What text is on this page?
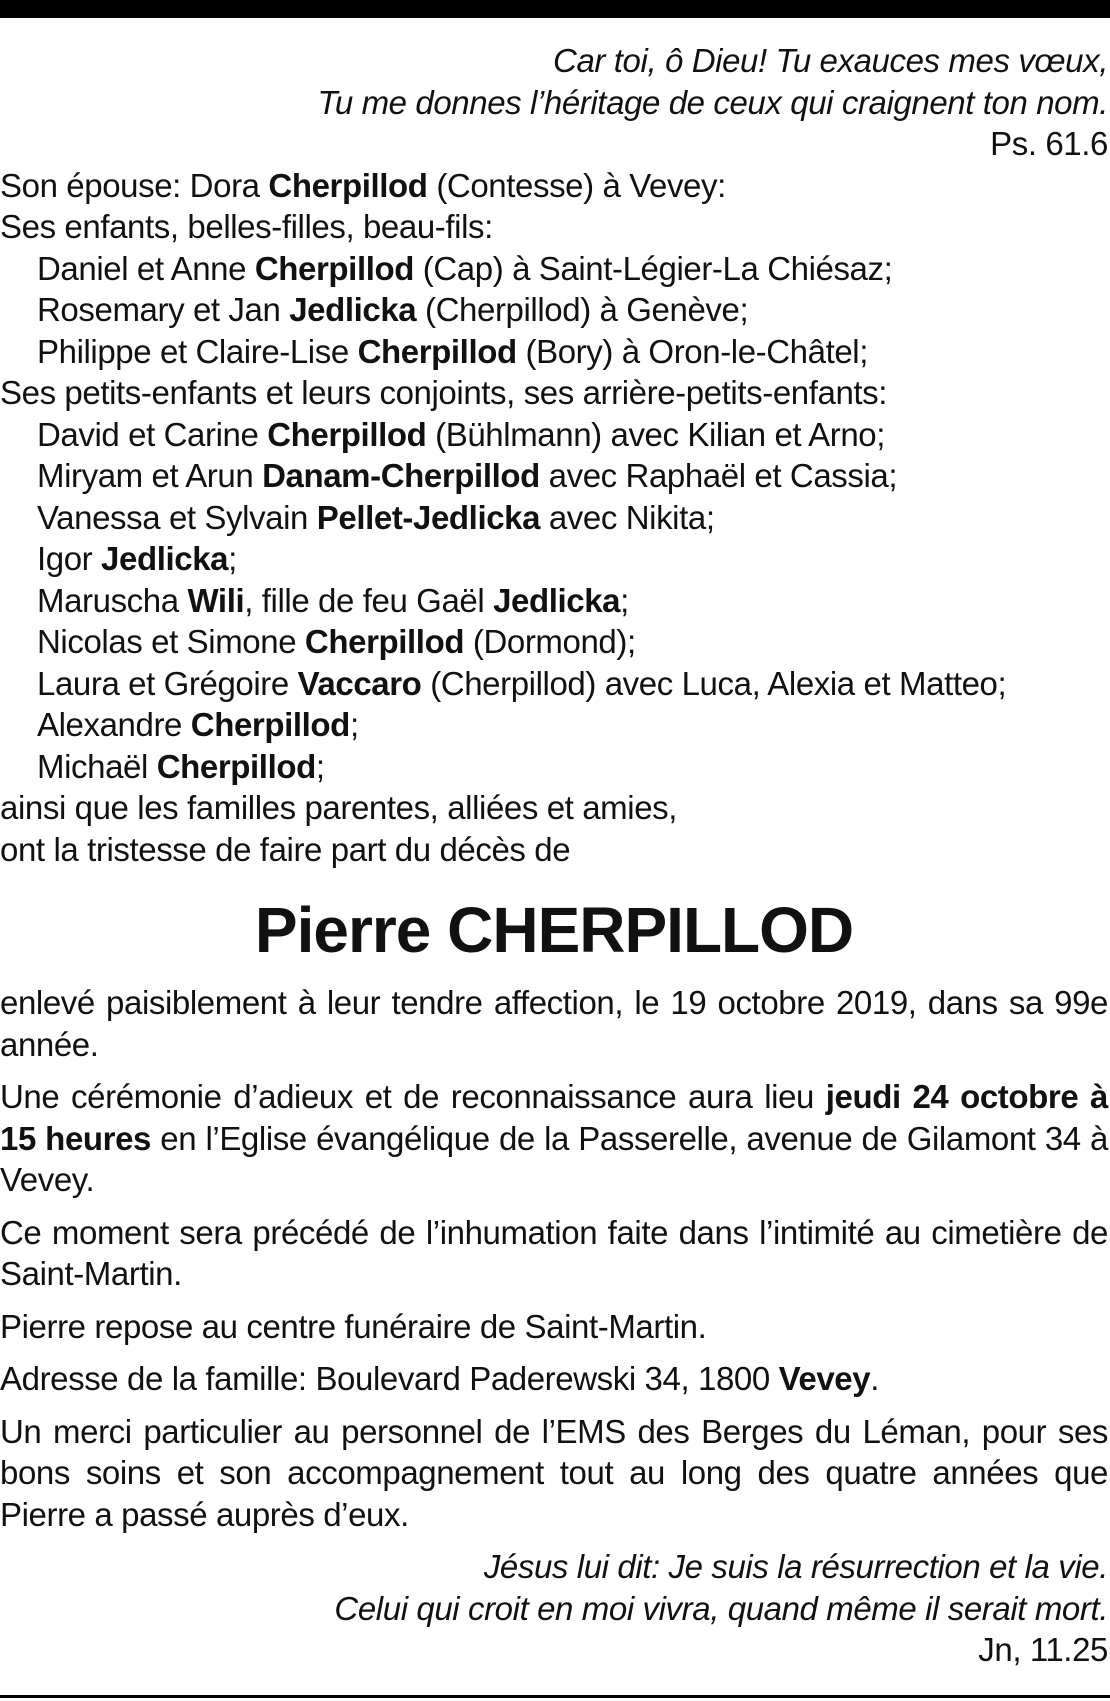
Car toi, ô Dieu! Tu exauces mes vœux,
Tu me donnes l’héritage de ceux qui craignent ton nom.
Ps. 61.6
Son épouse: Dora Cherpillod (Contesse) à Vevey:
Ses enfants, belles-filles, beau-fils:
Daniel et Anne Cherpillod (Cap) à Saint-Légier-La Chiésaz;
Rosemary et Jan Jedlicka (Cherpillod) à Genève;
Philippe et Claire-Lise Cherpillod (Bory) à Oron-le-Châtel;
Ses petits-enfants et leurs conjoints, ses arrière-petits-enfants:
David et Carine Cherpillod (Bühlmann) avec Kilian et Arno;
Miryam et Arun Danam-Cherpillod avec Raphaël et Cassia;
Vanessa et Sylvain Pellet-Jedlicka avec Nikita;
Igor Jedlicka;
Maruscha Wili, fille de feu Gaël Jedlicka;
Nicolas et Simone Cherpillod (Dormond);
Laura et Grégoire Vaccaro (Cherpillod) avec Luca, Alexia et Matteo;
Alexandre Cherpillod;
Michaël Cherpillod;
ainsi que les familles parentes, alliées et amies,
ont la tristesse de faire part du décès de
Pierre CHERPILLOD

enlevé paisiblement à leur tendre affection, le 19 octobre 2019, dans sa 99e année.

Une cérémonie d’adieux et de reconnaissance aura lieu jeudi 24 octobre à 15 heures en l’Eglise évangélique de la Passerelle, avenue de Gilamont 34 à Vevey.

Ce moment sera précédé de l’inhumation faite dans l’intimité au cimetière de Saint-Martin.

Pierre repose au centre funéraire de Saint-Martin.

Adresse de la famille: Boulevard Paderewski 34, 1800 Vevey.

Un merci particulier au personnel de l’EMS des Berges du Léman, pour ses bons soins et son accompagnement tout au long des quatre années que Pierre a passé auprès d’eux.

Jésus lui dit: Je suis la résurrection et la vie.
Celui qui croit en moi vivra, quand même il serait mort.
Jn, 11.25
